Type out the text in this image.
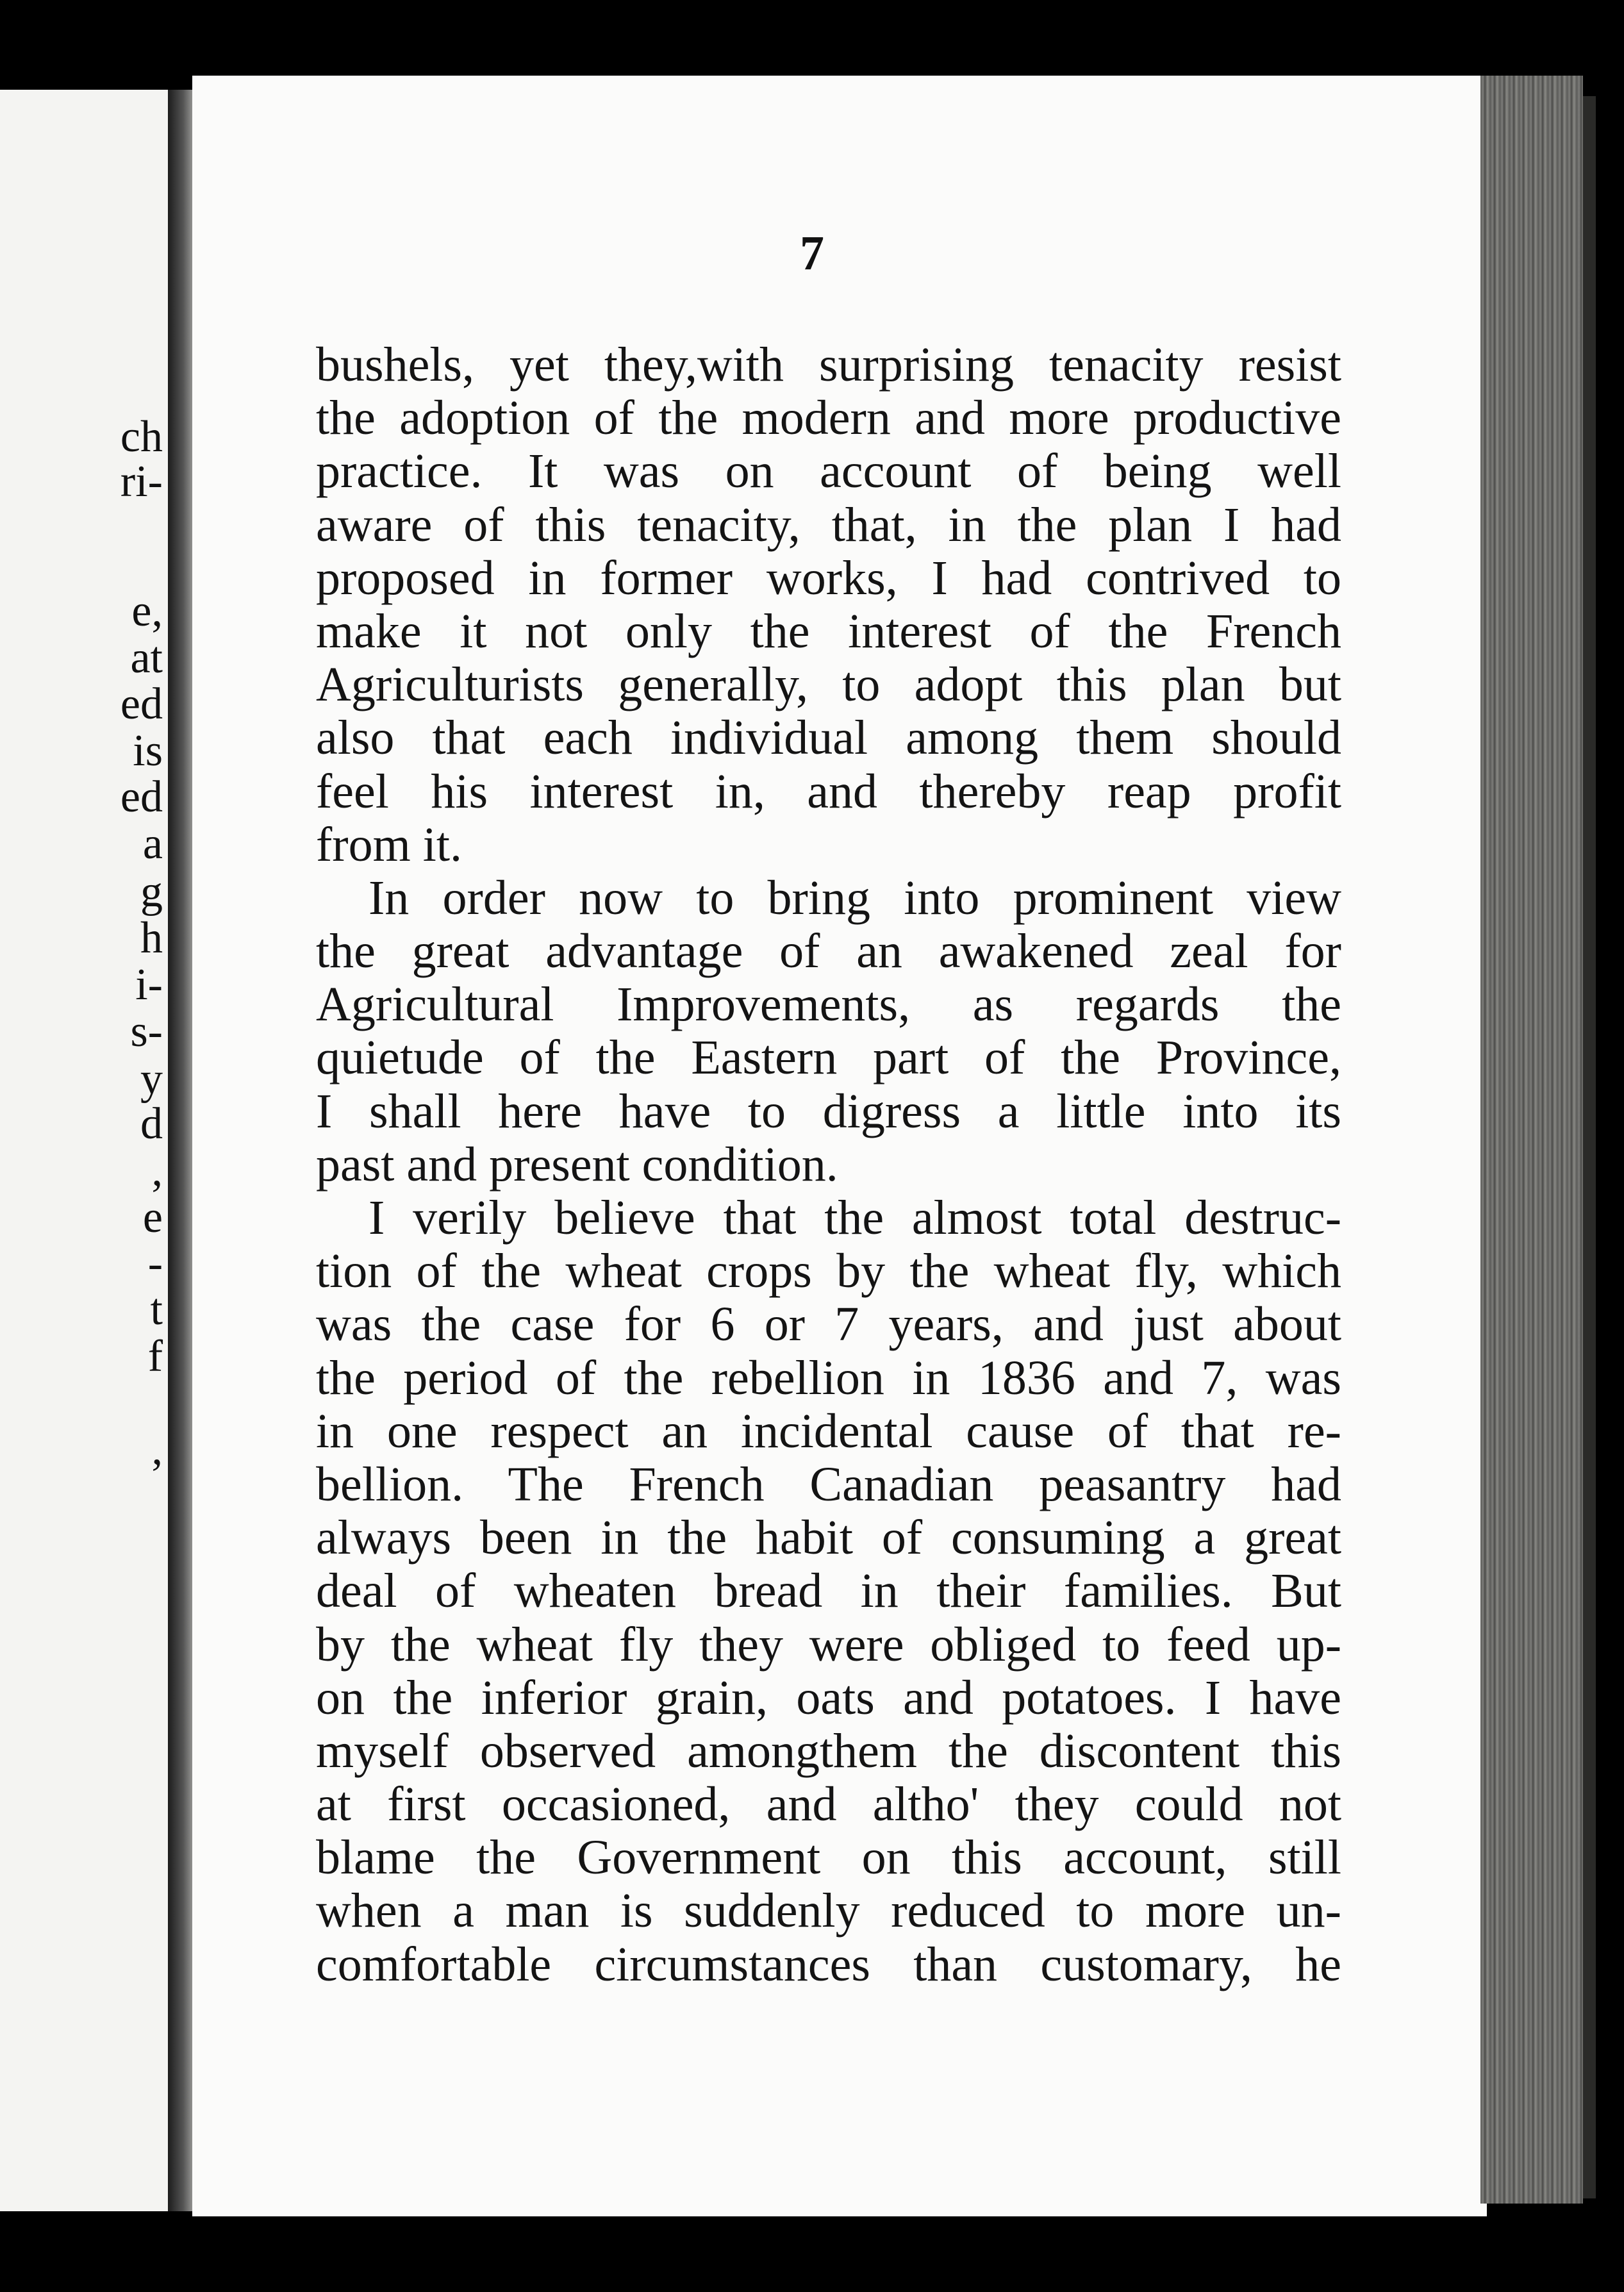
ch
ri-
e,
at
ed
is
ed
a
g
h
i-
s-
y
d
,
e
-
t
f
,
7
bushels, yet they,with surprising tenacity resist
the adoption of the modern and more productive
practice. It was on account of being well
aware of this tenacity, that, in the plan I had
proposed in former works, I had contrived to
make it not only the interest of the French
Agriculturists generally, to adopt this plan but
also that each individual among them should
feel his interest in, and thereby reap profit
from it.
In order now to bring into prominent view
the great advantage of an awakened zeal for
Agricultural Improvements, as regards the
quietude of the Eastern part of the Province,
I shall here have to digress a little into its
past and present condition.
I verily believe that the almost total destruc-
tion of the wheat crops by the wheat fly, which
was the case for 6 or 7 years, and just about
the period of the rebellion in 1836 and 7, was
in one respect an incidental cause of that re-
bellion. The French Canadian peasantry had
always been in the habit of consuming a great
deal of wheaten bread in their families. But
by the wheat fly they were obliged to feed up-
on the inferior grain, oats and potatoes. I have
myself observed amongthem the discontent this
at first occasioned, and altho' they could not
blame the Government on this account, still
when a man is suddenly reduced to more un-
comfortable circumstances than customary, he
